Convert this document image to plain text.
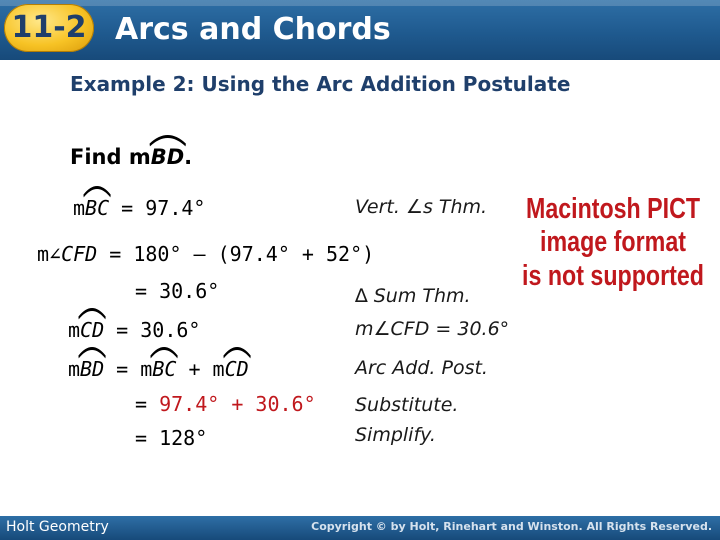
11-2 Arcs and Chords
Example 2: Using the Arc Addition Postulate
Find m
BD.
m
BC = 97.4°	Vert. ∠s Thm.
m∠CFD = 180° – (97.4° + 52°)
= 30.6°	∆ Sum Thm.
m
CD = 30.6°	m∠CFD = 30.6°
m
BD = m
BC + m
CD	Arc Add. Post.
= 97.4° + 30.6° Substitute.
= 128°	Simplify.
Macintosh PICT
image format
is not supported
Holt Geometry	Copyright © by Holt, Rinehart and Winston. All Rights Reserved.
